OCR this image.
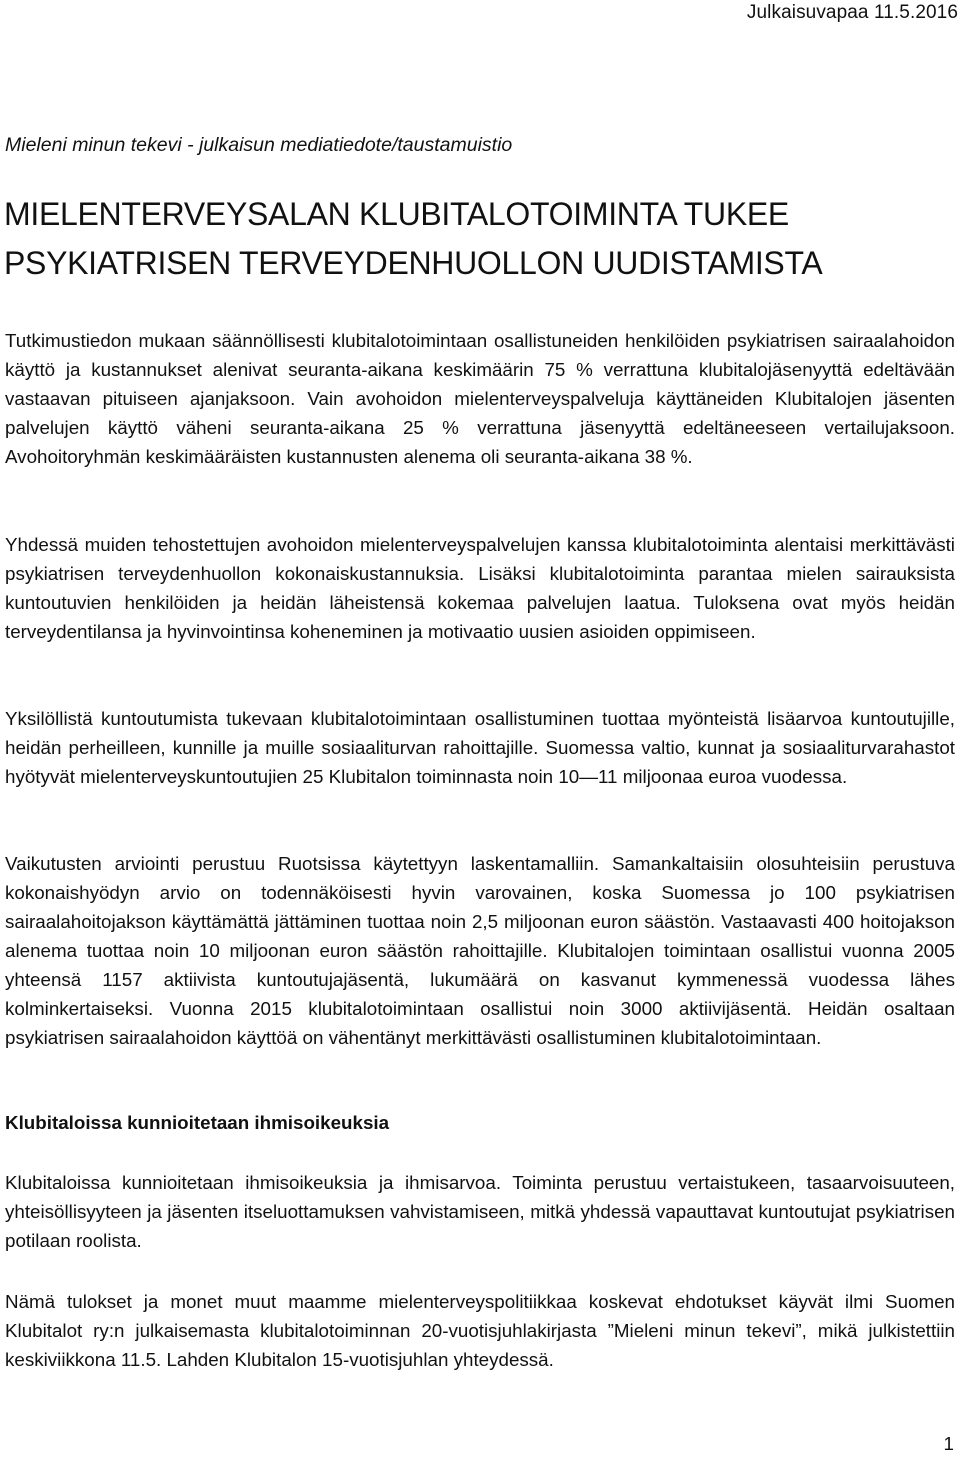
Julkaisuvapaa 11.5.2016
Mieleni minun tekevi - julkaisun mediatiedote/taustamuistio
MIELENTERVEYSALAN KLUBITALOTOIMINTA TUKEE PSYKIATRISEN TERVEYDENHUOLLON UUDISTAMISTA

Tutkimustiedon mukaan säännöllisesti klubitalotoimintaan osallistuneiden henkilöiden psykiatrisen sairaalahoidon käyttö ja kustannukset alenivat seuranta-aikana keskimäärin 75 % verrattuna klubitalojäsenyyttä edeltävään vastaavan pituiseen ajanjaksoon. Vain avohoidon mielenterveyspalveluja käyttäneiden Klubitalojen jäsenten palvelujen käyttö väheni seuranta-aikana 25 % verrattuna jäsenyyttä edeltäneeseen vertailujaksoon. Avohoitoryhmän keskimääräisten kustannusten alenema oli seuranta-aikana 38 %.

Yhdessä muiden tehostettujen avohoidon mielenterveyspalvelujen kanssa klubitalotoiminta alentaisi merkittävästi psykiatrisen terveydenhuollon kokonaiskustannuksia. Lisäksi klubitalotoiminta parantaa mielen sairauksista kuntoutuvien henkilöiden ja heidän läheistensä kokemaa palvelujen laatua. Tuloksena ovat myös heidän terveydentilansa ja hyvinvointinsa koheneminen ja motivaatio uusien asioiden oppimiseen.

Yksilöllistä kuntoutumista tukevaan klubitalotoimintaan osallistuminen tuottaa myönteistä lisäarvoa kuntoutujille, heidän perheilleen, kunnille ja muille sosiaaliturvan rahoittajille. Suomessa valtio, kunnat ja sosiaaliturvarahastot hyötyvät mielenterveyskuntoutujien 25 Klubitalon toiminnasta noin 10—11 miljoonaa euroa vuodessa.

Vaikutusten arviointi perustuu Ruotsissa käytettyyn laskentamalliin. Samankaltaisiin olosuhteisiin perustuva kokonaishyödyn arvio on todennäköisesti hyvin varovainen, koska Suomessa jo 100 psykiatrisen sairaalahoitojakson käyttämättä jättäminen tuottaa noin 2,5 miljoonan euron säästön. Vastaavasti 400 hoitojakson alenema tuottaa noin 10 miljoonan euron säästön rahoittajille. Klubitalojen toimintaan osallistui vuonna 2005 yhteensä 1157 aktiivista kuntoutujajäsentä, lukumäärä on kasvanut kymmenessä vuodessa lähes kolminkertaiseksi. Vuonna 2015 klubitalotoimintaan osallistui noin 3000 aktiivijäsentä. Heidän osaltaan psykiatrisen sairaalahoidon käyttöä on vähentänyt merkittävästi osallistuminen klubitalotoimintaan.

Klubitaloissa kunnioitetaan ihmisoikeuksia

Klubitaloissa kunnioitetaan ihmisoikeuksia ja ihmisarvoa. Toiminta perustuu vertaistukeen, tasaarvoisuuteen, yhteisöllisyyteen ja jäsenten itseluottamuksen vahvistamiseen, mitkä yhdessä vapauttavat kuntoutujat psykiatrisen potilaan roolista.

Nämä tulokset ja monet muut maamme mielenterveyspolitiikkaa koskevat ehdotukset käyvät ilmi Suomen Klubitalot ry:n julkaisemasta klubitalotoiminnan 20-vuotisjuhlakirjasta ”Mieleni minun tekevi”, mikä julkistettiin keskiviikkona 11.5. Lahden Klubitalon 15-vuotisjuhlan yhteydessä.

1
